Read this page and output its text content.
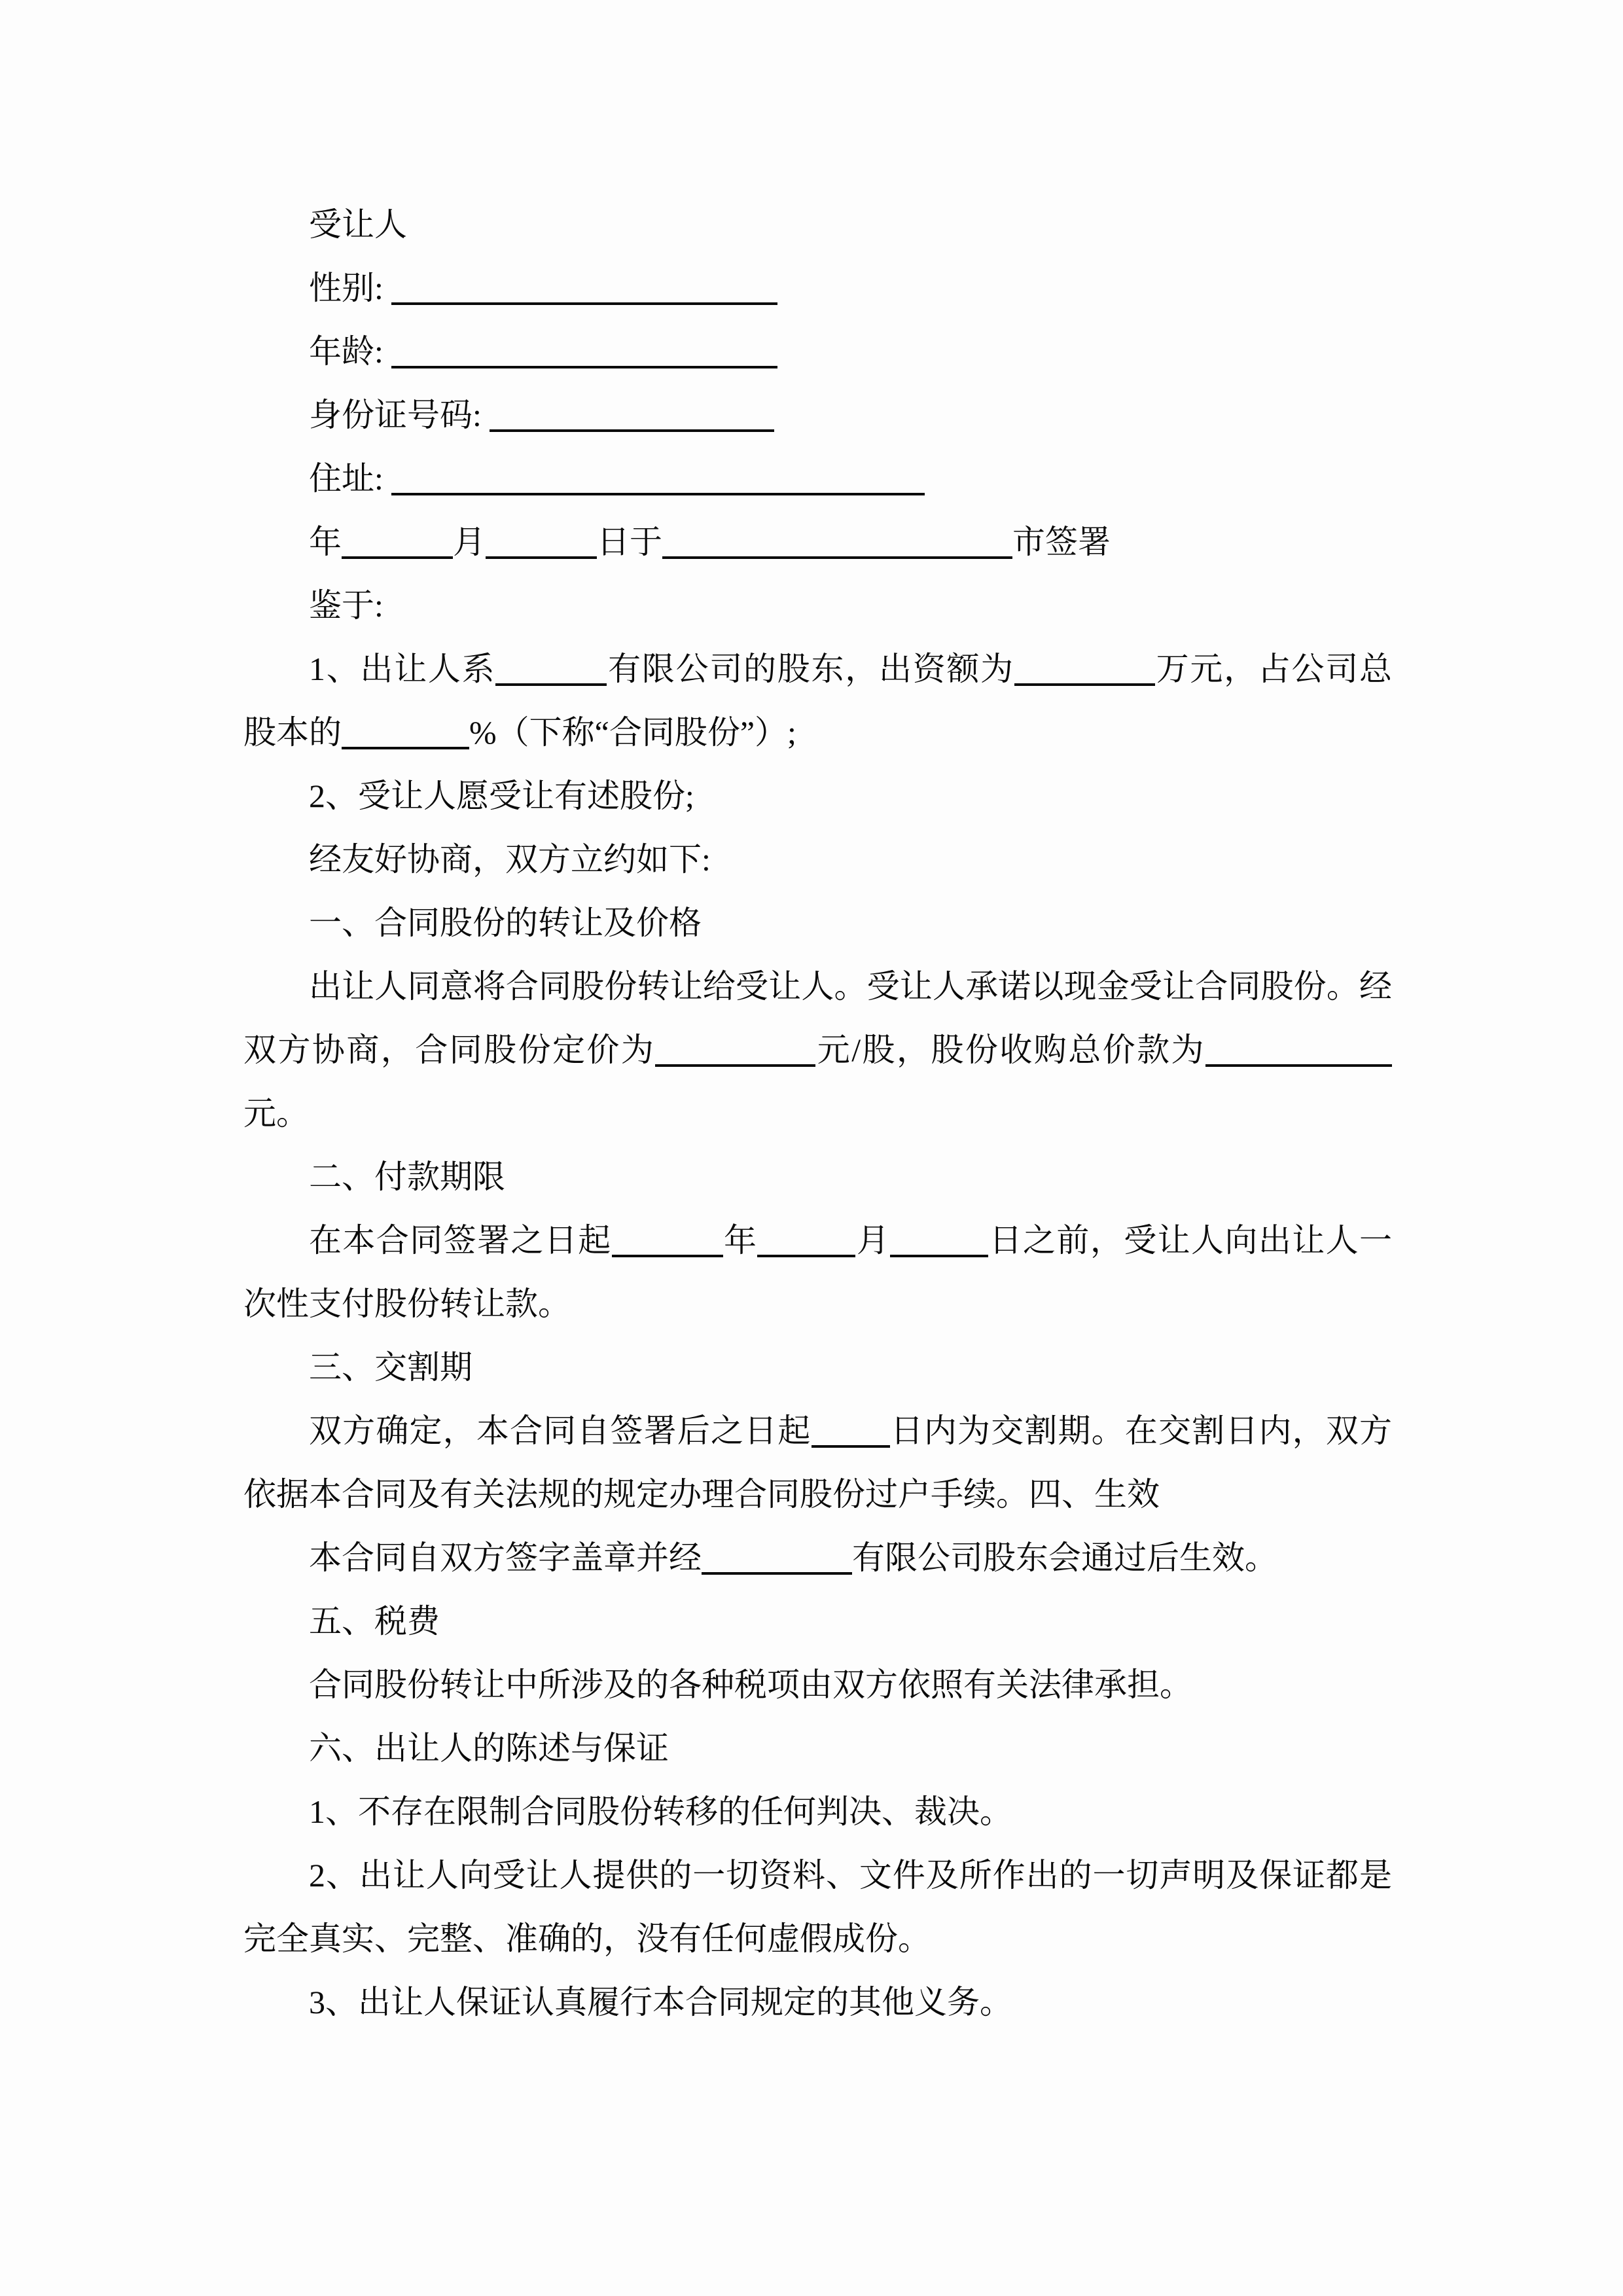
受让人

性别:

年龄:

身份证号码:

住址:

年	月	日于	市签署

鉴于:

1、出让人系	有限公司的股东，出资额为	万元，占公司总股本的	%（下称“合同股份”）;

2、受让人愿受让有述股份;

经友好协商，双方立约如下:

一、合同股份的转让及价格

出让人同意将合同股份转让给受让人。受让人承诺以现金受让合同股份。经双方协商，合同股份定价为	元/股，股份收购总价款为元。

二、付款期限

在本合同签署之日起	年	月	日之前，受让人向出让人一次性支付股份转让款。

三、交割期

双方确定，本合同自签署后之日起 日内为交割期。在交割日内，双方依据本合同及有关法规的规定办理合同股份过户手续。四、生效

本合同自双方签字盖章并经	有限公司股东会通过后生效。

五、税费

合同股份转让中所涉及的各种税项由双方依照有关法律承担。

六、出让人的陈述与保证

1、不存在限制合同股份转移的任何判决、裁决。

2、出让人向受让人提供的一切资料、文件及所作出的一切声明及保证都是完全真实、完整、准确的，没有任何虚假成份。

3、出让人保证认真履行本合同规定的其他义务。
